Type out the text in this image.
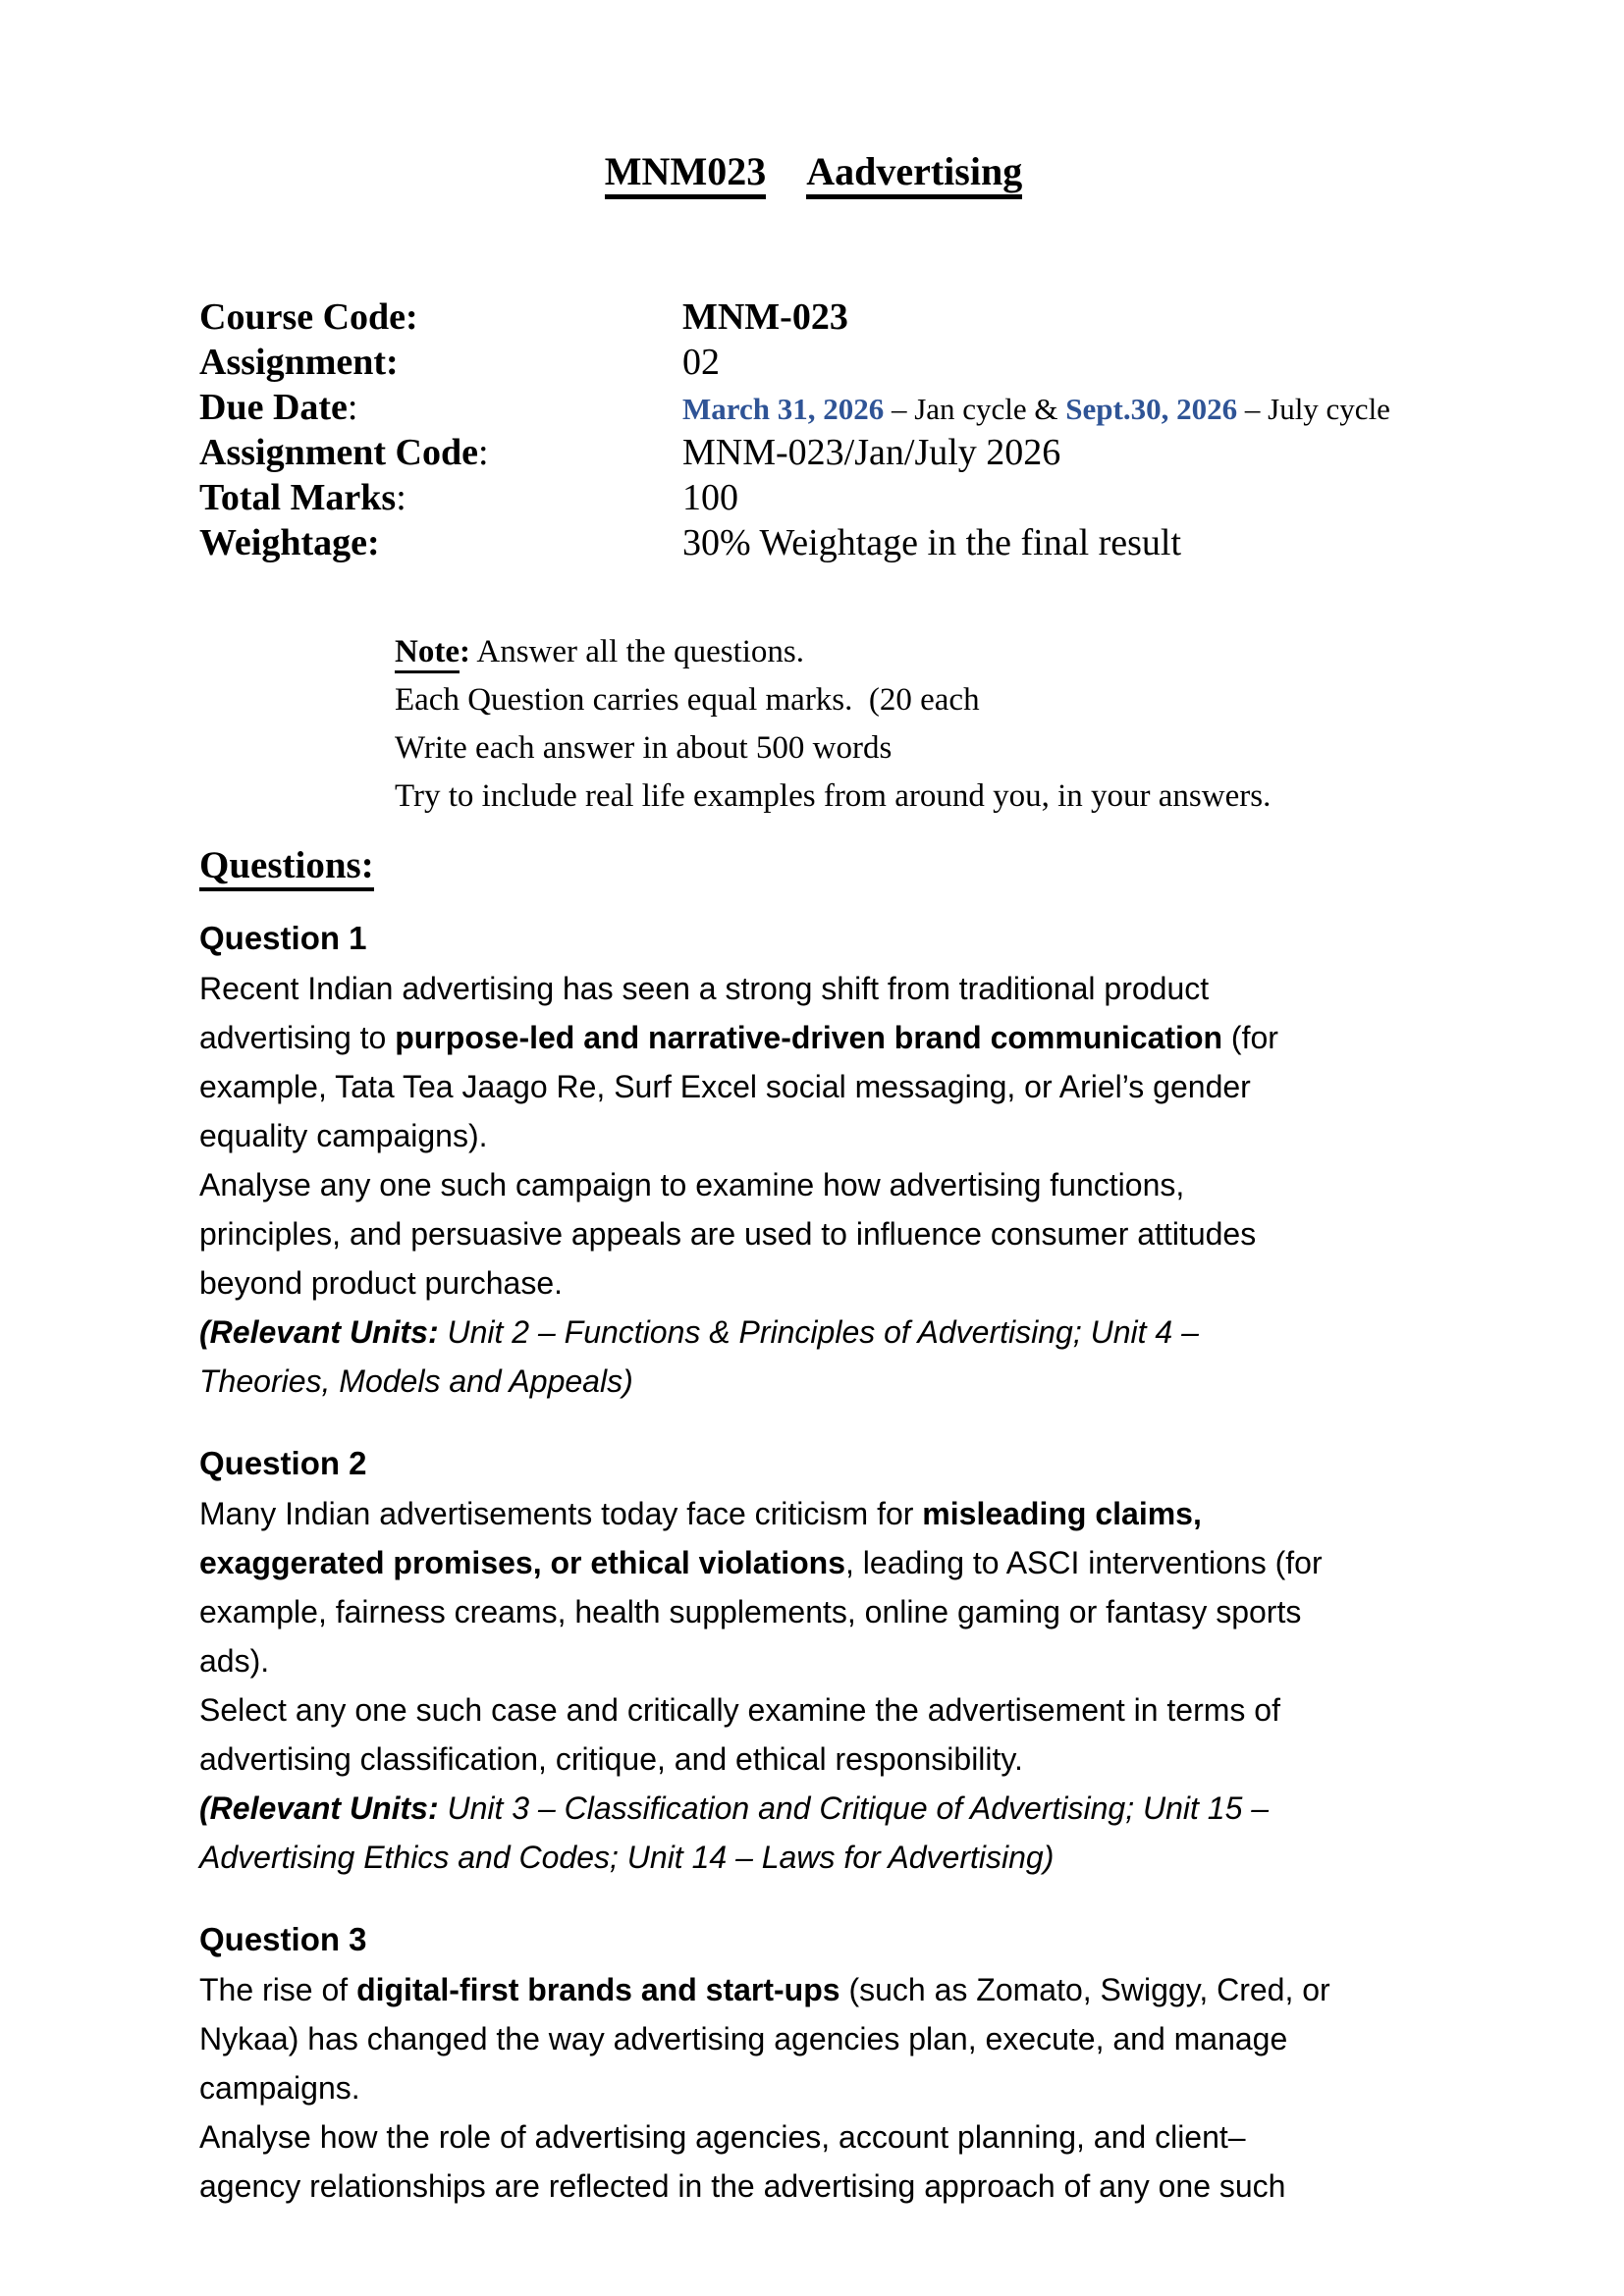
MNM023 Aadvertising
Course Code:	MNM-023
Assignment:	02
Due Date:	March 31, 2026 – Jan cycle & Sept.30, 2026 – July cycle
Assignment Code:	MNM-023/Jan/July 2026
Total Marks:	100
Weightage:	30% Weightage in the final result
Note: Answer all the questions.
Each Question carries equal marks.  (20 each
Write each answer in about 500 words
Try to include real life examples from around you, in your answers.
Questions:
Question 1
Recent Indian advertising has seen a strong shift from traditional product
advertising to purpose-led and narrative-driven brand communication (for
example, Tata Tea Jaago Re, Surf Excel social messaging, or Ariel’s gender
equality campaigns).
Analyse any one such campaign to examine how advertising functions,
principles, and persuasive appeals are used to influence consumer attitudes
beyond product purchase.
(Relevant Units: Unit 2 – Functions & Principles of Advertising; Unit 4 –
Theories, Models and Appeals)
Question 2
Many Indian advertisements today face criticism for misleading claims,
exaggerated promises, or ethical violations, leading to ASCI interventions (for
example, fairness creams, health supplements, online gaming or fantasy sports
ads).
Select any one such case and critically examine the advertisement in terms of
advertising classification, critique, and ethical responsibility.
(Relevant Units: Unit 3 – Classification and Critique of Advertising; Unit 15 –
Advertising Ethics and Codes; Unit 14 – Laws for Advertising)
Question 3
The rise of digital-first brands and start-ups (such as Zomato, Swiggy, Cred, or
Nykaa) has changed the way advertising agencies plan, execute, and manage
campaigns.
Analyse how the role of advertising agencies, account planning, and client–
agency relationships are reflected in the advertising approach of any one such
